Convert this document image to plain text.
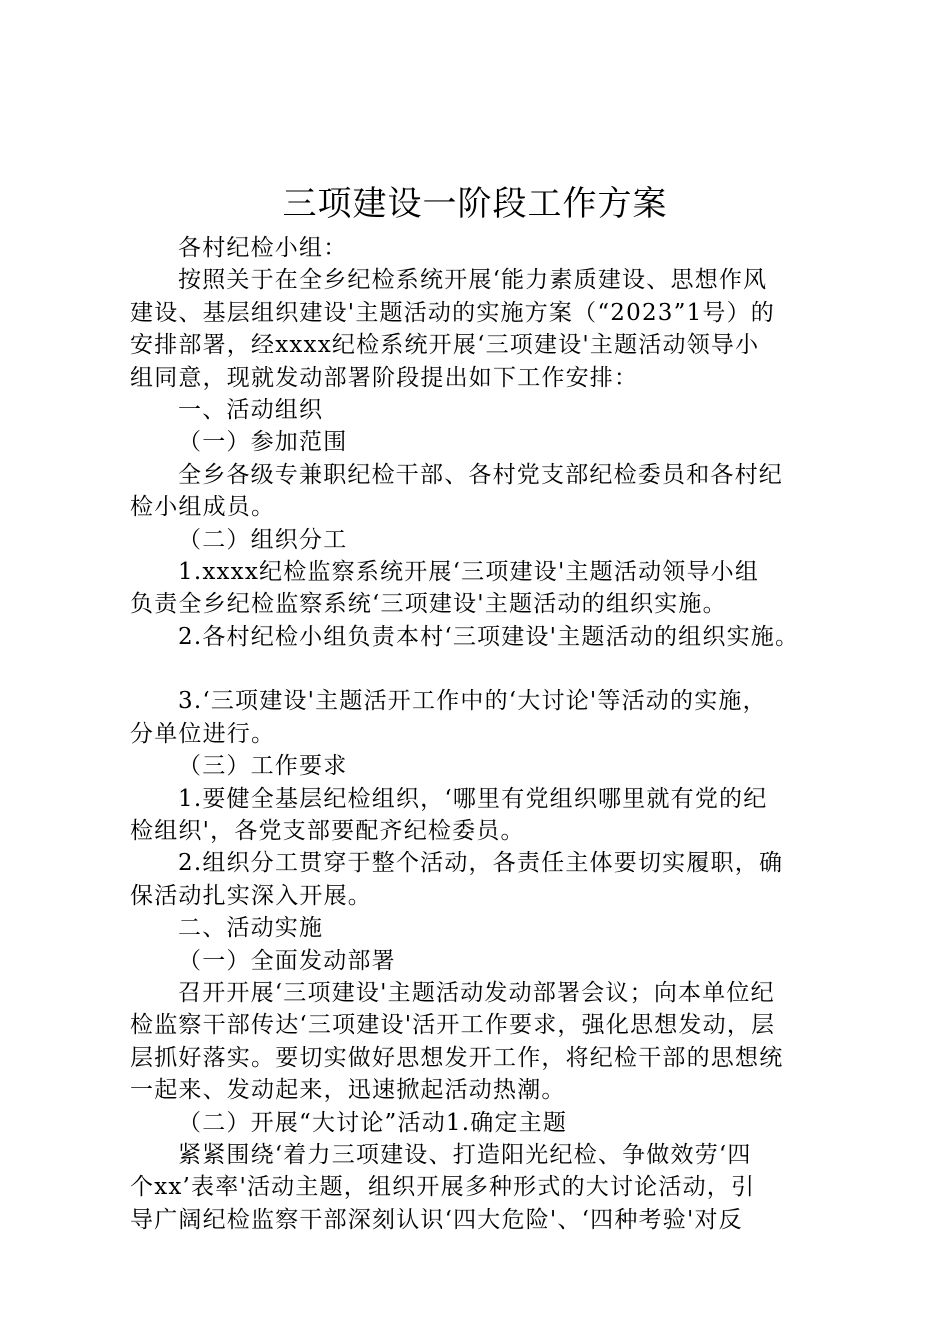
三项建设一阶段工作方案
各村纪检小组：
按照关于在全乡纪检系统开展‘能力素质建设、思想作风
建设、基层组织建设'主题活动的实施方案（“2023”1号）的
安排部署，经xxxx纪检系统开展‘三项建设'主题活动领导小
组同意，现就发动部署阶段提出如下工作安排：
一、活动组织
（一）参加范围
全乡各级专兼职纪检干部、各村党支部纪检委员和各村纪
检小组成员。
（二）组织分工
1.xxxx纪检监察系统开展‘三项建设'主题活动领导小组
负责全乡纪检监察系统‘三项建设'主题活动的组织实施。
2.各村纪检小组负责本村‘三项建设'主题活动的组织实施。
3.‘三项建设'主题活开工作中的‘大讨论'等活动的实施，
分单位进行。
（三）工作要求
1.要健全基层纪检组织，‘哪里有党组织哪里就有党的纪
检组织'，各党支部要配齐纪检委员。
2.组织分工贯穿于整个活动，各责任主体要切实履职，确
保活动扎实深入开展。
二、活动实施
（一）全面发动部署
召开开展‘三项建设'主题活动发动部署会议；向本单位纪
检监察干部传达‘三项建设'活开工作要求，强化思想发动，层
层抓好落实。要切实做好思想发开工作，将纪检干部的思想统
一起来、发动起来，迅速掀起活动热潮。
（二）开展“大讨论”活动1.确定主题
紧紧围绕‘着力三项建设、打造阳光纪检、争做效劳‘四
个xx’表率'活动主题，组织开展多种形式的大讨论活动，引
导广阔纪检监察干部深刻认识‘四大危险'、‘四种考验'对反
